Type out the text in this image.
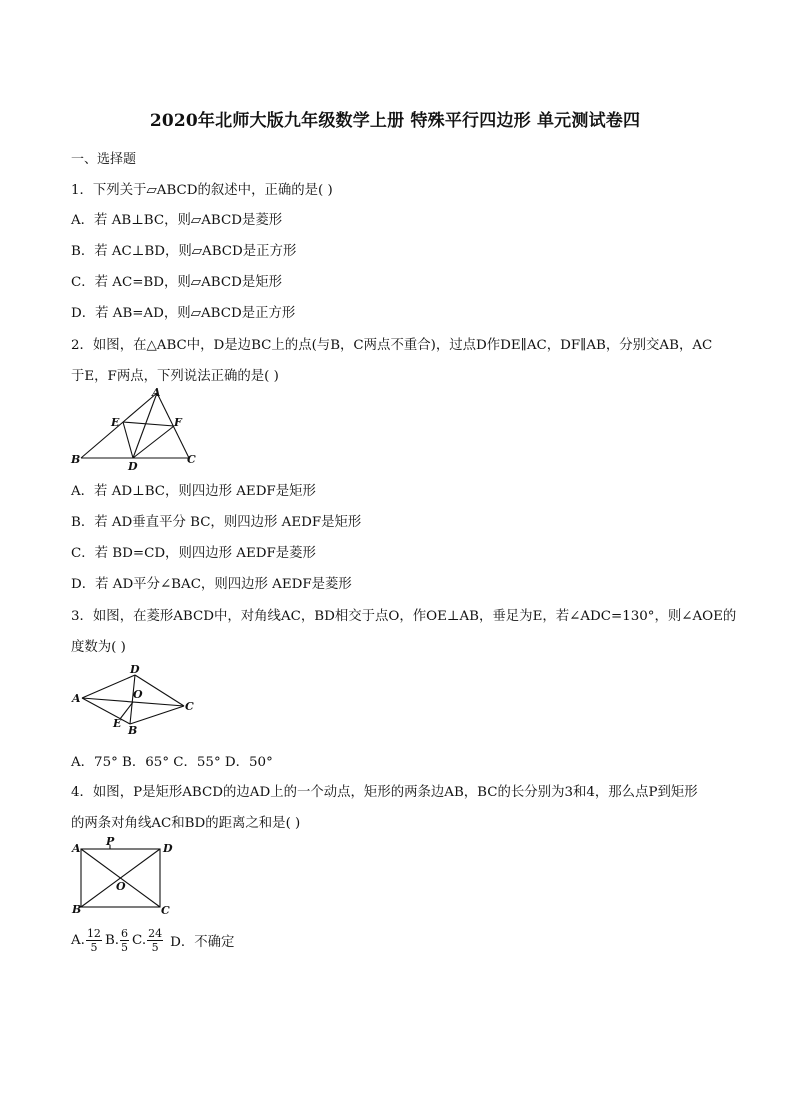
2020年北师大版九年级数学上册 特殊平行四边形 单元测试卷四
一、选择题
1．下列关于▱ABCD的叙述中，正确的是( )
A．若 AB⊥BC，则▱ABCD是菱形
B．若 AC⊥BD，则▱ABCD是正方形
C．若 AC=BD，则▱ABCD是矩形
D．若 AB=AD，则▱ABCD是正方形
2．如图，在△ABC中，D是边BC上的点(与B，C两点不重合)，过点D作DE∥AC，DF∥AB，分别交AB，AC
于E，F两点，下列说法正确的是( )
A
B	C
D
E	F
A．若 AD⊥BC，则四边形 AEDF是矩形
B．若 AD垂直平分 BC，则四边形 AEDF是矩形
C．若 BD=CD，则四边形 AEDF是菱形
D．若 AD平分∠BAC，则四边形 AEDF是菱形
3．如图，在菱形ABCD中，对角线AC，BD相交于点O，作OE⊥AB，垂足为E，若∠ADC=130°，则∠AOE的
度数为( )
D
A
C
O
E
B
A．75° B．65° C．55° D．50°
4．如图，P是矩形ABCD的边AD上的一个动点，矩形的两条边AB，BC的长分别为3和4，那么点P到矩形
的两条对角线AC和BD的距离之和是( )
A
P
D
O
B	C
A. $\frac{12}{5} B$. $\frac{6}{5} C$. $\frac{24}{5}$ D．不确定
